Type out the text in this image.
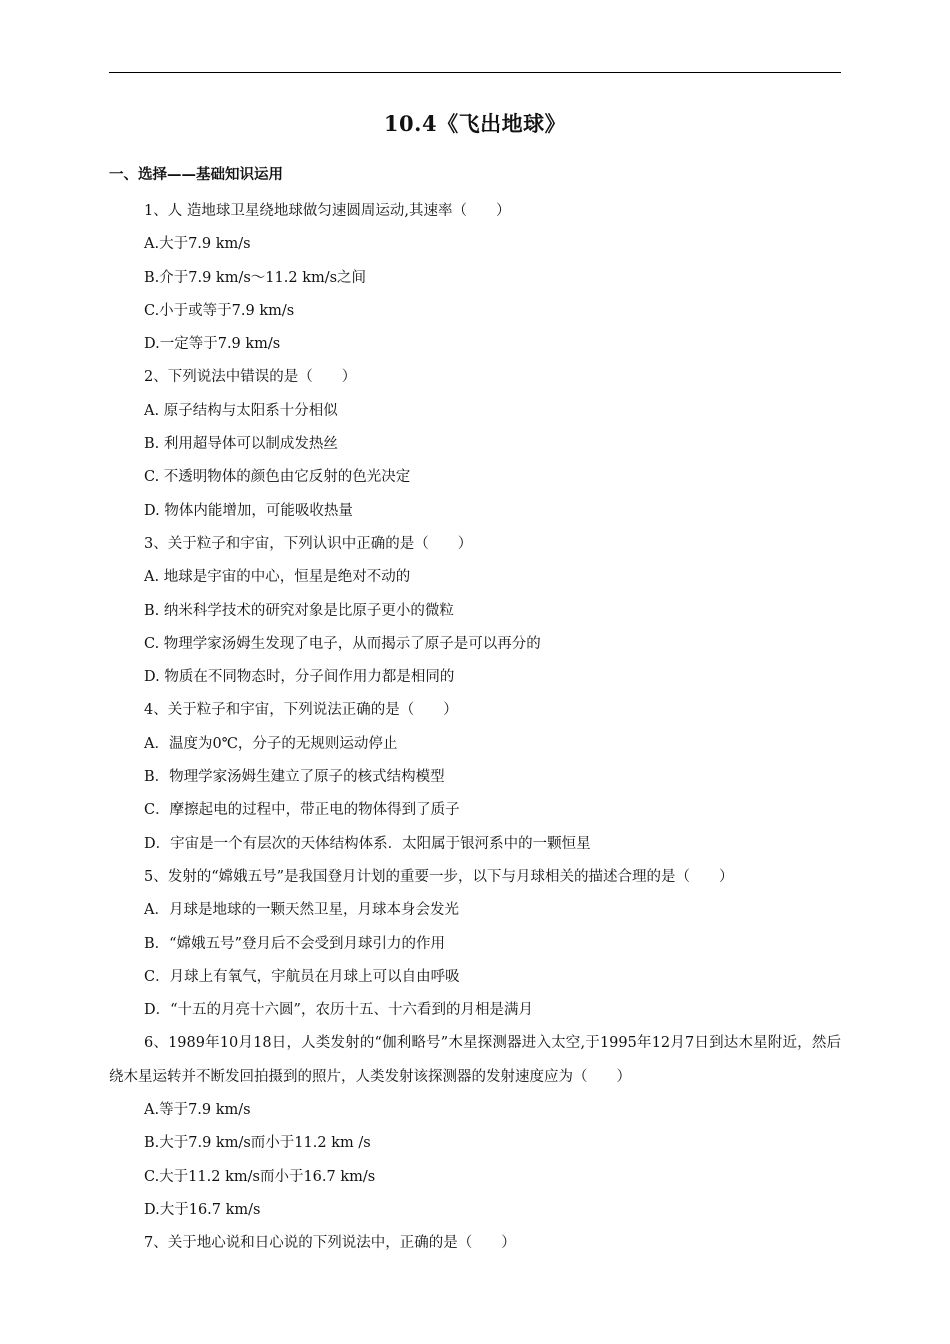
10.4《飞出地球》
一、选择——基础知识运用
1、人 造地球卫星绕地球做匀速圆周运动,其速率（　　）
A.大于7.9 km/s
B.介于7.9 km/s～11.2 km/s之间
C.小于或等于7.9 km/s
D.一定等于7.9 km/s
2、下列说法中错误的是（　　）
A. 原子结构与太阳系十分相似
B. 利用超导体可以制成发热丝
C. 不透明物体的颜色由它反射的色光决定
D. 物体内能增加，可能吸收热量
3、关于粒子和宇宙，下列认识中正确的是（　　）
A. 地球是宇宙的中心，恒星是绝对不动的
B. 纳米科学技术的研究对象是比原子更小的微粒
C. 物理学家汤姆生发现了电子，从而揭示了原子是可以再分的
D. 物质在不同物态时，分子间作用力都是相同的
4、关于粒子和宇宙，下列说法正确的是（　　）
A．温度为0℃，分子的无规则运动停止
B．物理学家汤姆生建立了原子的核式结构模型
C．摩擦起电的过程中，带正电的物体得到了质子
D．宇宙是一个有层次的天体结构体系．太阳属于银河系中的一颗恒星
5、发射的“嫦娥五号”是我国登月计划的重要一步，以下与月球相关的描述合理的是（　　）
A．月球是地球的一颗天然卫星，月球本身会发光
B．“嫦娥五号”登月后不会受到月球引力的作用
C．月球上有氧气，宇航员在月球上可以自由呼吸
D．“十五的月亮十六圆”，农历十五、十六看到的月相是满月
6、1989年10月18日，人类发射的“伽利略号”木星探测器进入太空,于1995年12月7日到达木星附近，然后绕木星运转并不断发回拍摄到的照片，人类发射该探测器的发射速度应为（　　）
A.等于7.9 km/s
B.大于7.9 km/s而小于11.2 km /s
C.大于11.2 km/s而小于16.7 km/s
D.大于16.7 km/s
7、关于地心说和日心说的下列说法中，正确的是（　　）
